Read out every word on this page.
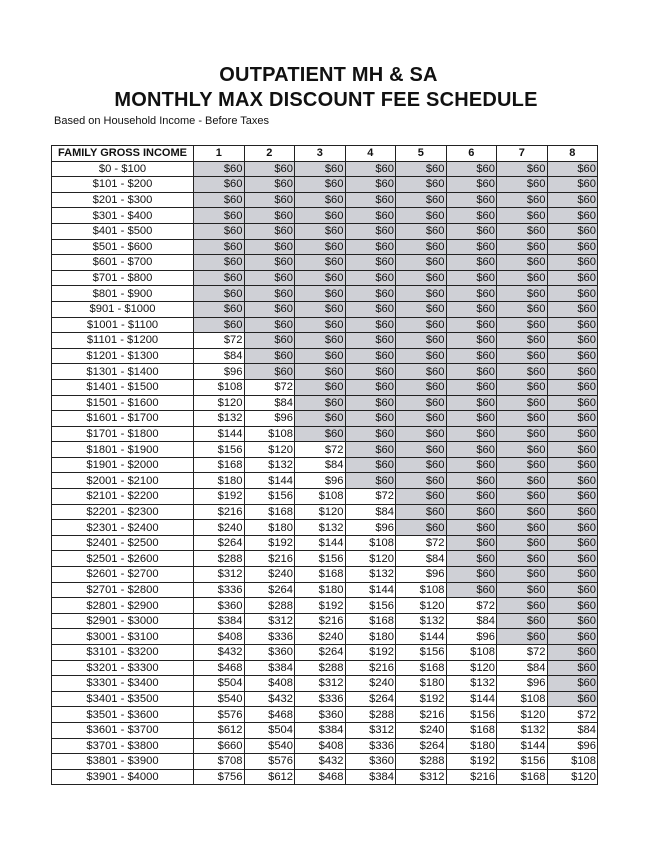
OUTPATIENT MH & SA
MONTHLY MAX DISCOUNT FEE SCHEDULE
Based on Household Income - Before Taxes
FAMILY GROSS INCOME	1	2	3	4	5	6	7	8
$0 - $100	$60	$60	$60	$60	$60	$60	$60	$60
$101 - $200	$60	$60	$60	$60	$60	$60	$60	$60
$201 - $300	$60	$60	$60	$60	$60	$60	$60	$60
$301 - $400	$60	$60	$60	$60	$60	$60	$60	$60
$401 - $500	$60	$60	$60	$60	$60	$60	$60	$60
$501 - $600	$60	$60	$60	$60	$60	$60	$60	$60
$601 - $700	$60	$60	$60	$60	$60	$60	$60	$60
$701 - $800	$60	$60	$60	$60	$60	$60	$60	$60
$801 - $900	$60	$60	$60	$60	$60	$60	$60	$60
$901 - $1000	$60	$60	$60	$60	$60	$60	$60	$60
$1001 - $1100	$60	$60	$60	$60	$60	$60	$60	$60
$1101 - $1200	$72	$60	$60	$60	$60	$60	$60	$60
$1201 - $1300	$84	$60	$60	$60	$60	$60	$60	$60
$1301 - $1400	$96	$60	$60	$60	$60	$60	$60	$60
$1401 - $1500	$108	$72	$60	$60	$60	$60	$60	$60
$1501 - $1600	$120	$84	$60	$60	$60	$60	$60	$60
$1601 - $1700	$132	$96	$60	$60	$60	$60	$60	$60
$1701 - $1800	$144	$108	$60	$60	$60	$60	$60	$60
$1801 - $1900	$156	$120	$72	$60	$60	$60	$60	$60
$1901 - $2000	$168	$132	$84	$60	$60	$60	$60	$60
$2001 - $2100	$180	$144	$96	$60	$60	$60	$60	$60
$2101 - $2200	$192	$156	$108	$72	$60	$60	$60	$60
$2201 - $2300	$216	$168	$120	$84	$60	$60	$60	$60
$2301 - $2400	$240	$180	$132	$96	$60	$60	$60	$60
$2401 - $2500	$264	$192	$144	$108	$72	$60	$60	$60
$2501 - $2600	$288	$216	$156	$120	$84	$60	$60	$60
$2601 - $2700	$312	$240	$168	$132	$96	$60	$60	$60
$2701 - $2800	$336	$264	$180	$144	$108	$60	$60	$60
$2801 - $2900	$360	$288	$192	$156	$120	$72	$60	$60
$2901 - $3000	$384	$312	$216	$168	$132	$84	$60	$60
$3001 - $3100	$408	$336	$240	$180	$144	$96	$60	$60
$3101 - $3200	$432	$360	$264	$192	$156	$108	$72	$60
$3201 - $3300	$468	$384	$288	$216	$168	$120	$84	$60
$3301 - $3400	$504	$408	$312	$240	$180	$132	$96	$60
$3401 - $3500	$540	$432	$336	$264	$192	$144	$108	$60
$3501 - $3600	$576	$468	$360	$288	$216	$156	$120	$72
$3601 - $3700	$612	$504	$384	$312	$240	$168	$132	$84
$3701 - $3800	$660	$540	$408	$336	$264	$180	$144	$96
$3801 - $3900	$708	$576	$432	$360	$288	$192	$156	$108
$3901 - $4000	$756	$612	$468	$384	$312	$216	$168	$120
